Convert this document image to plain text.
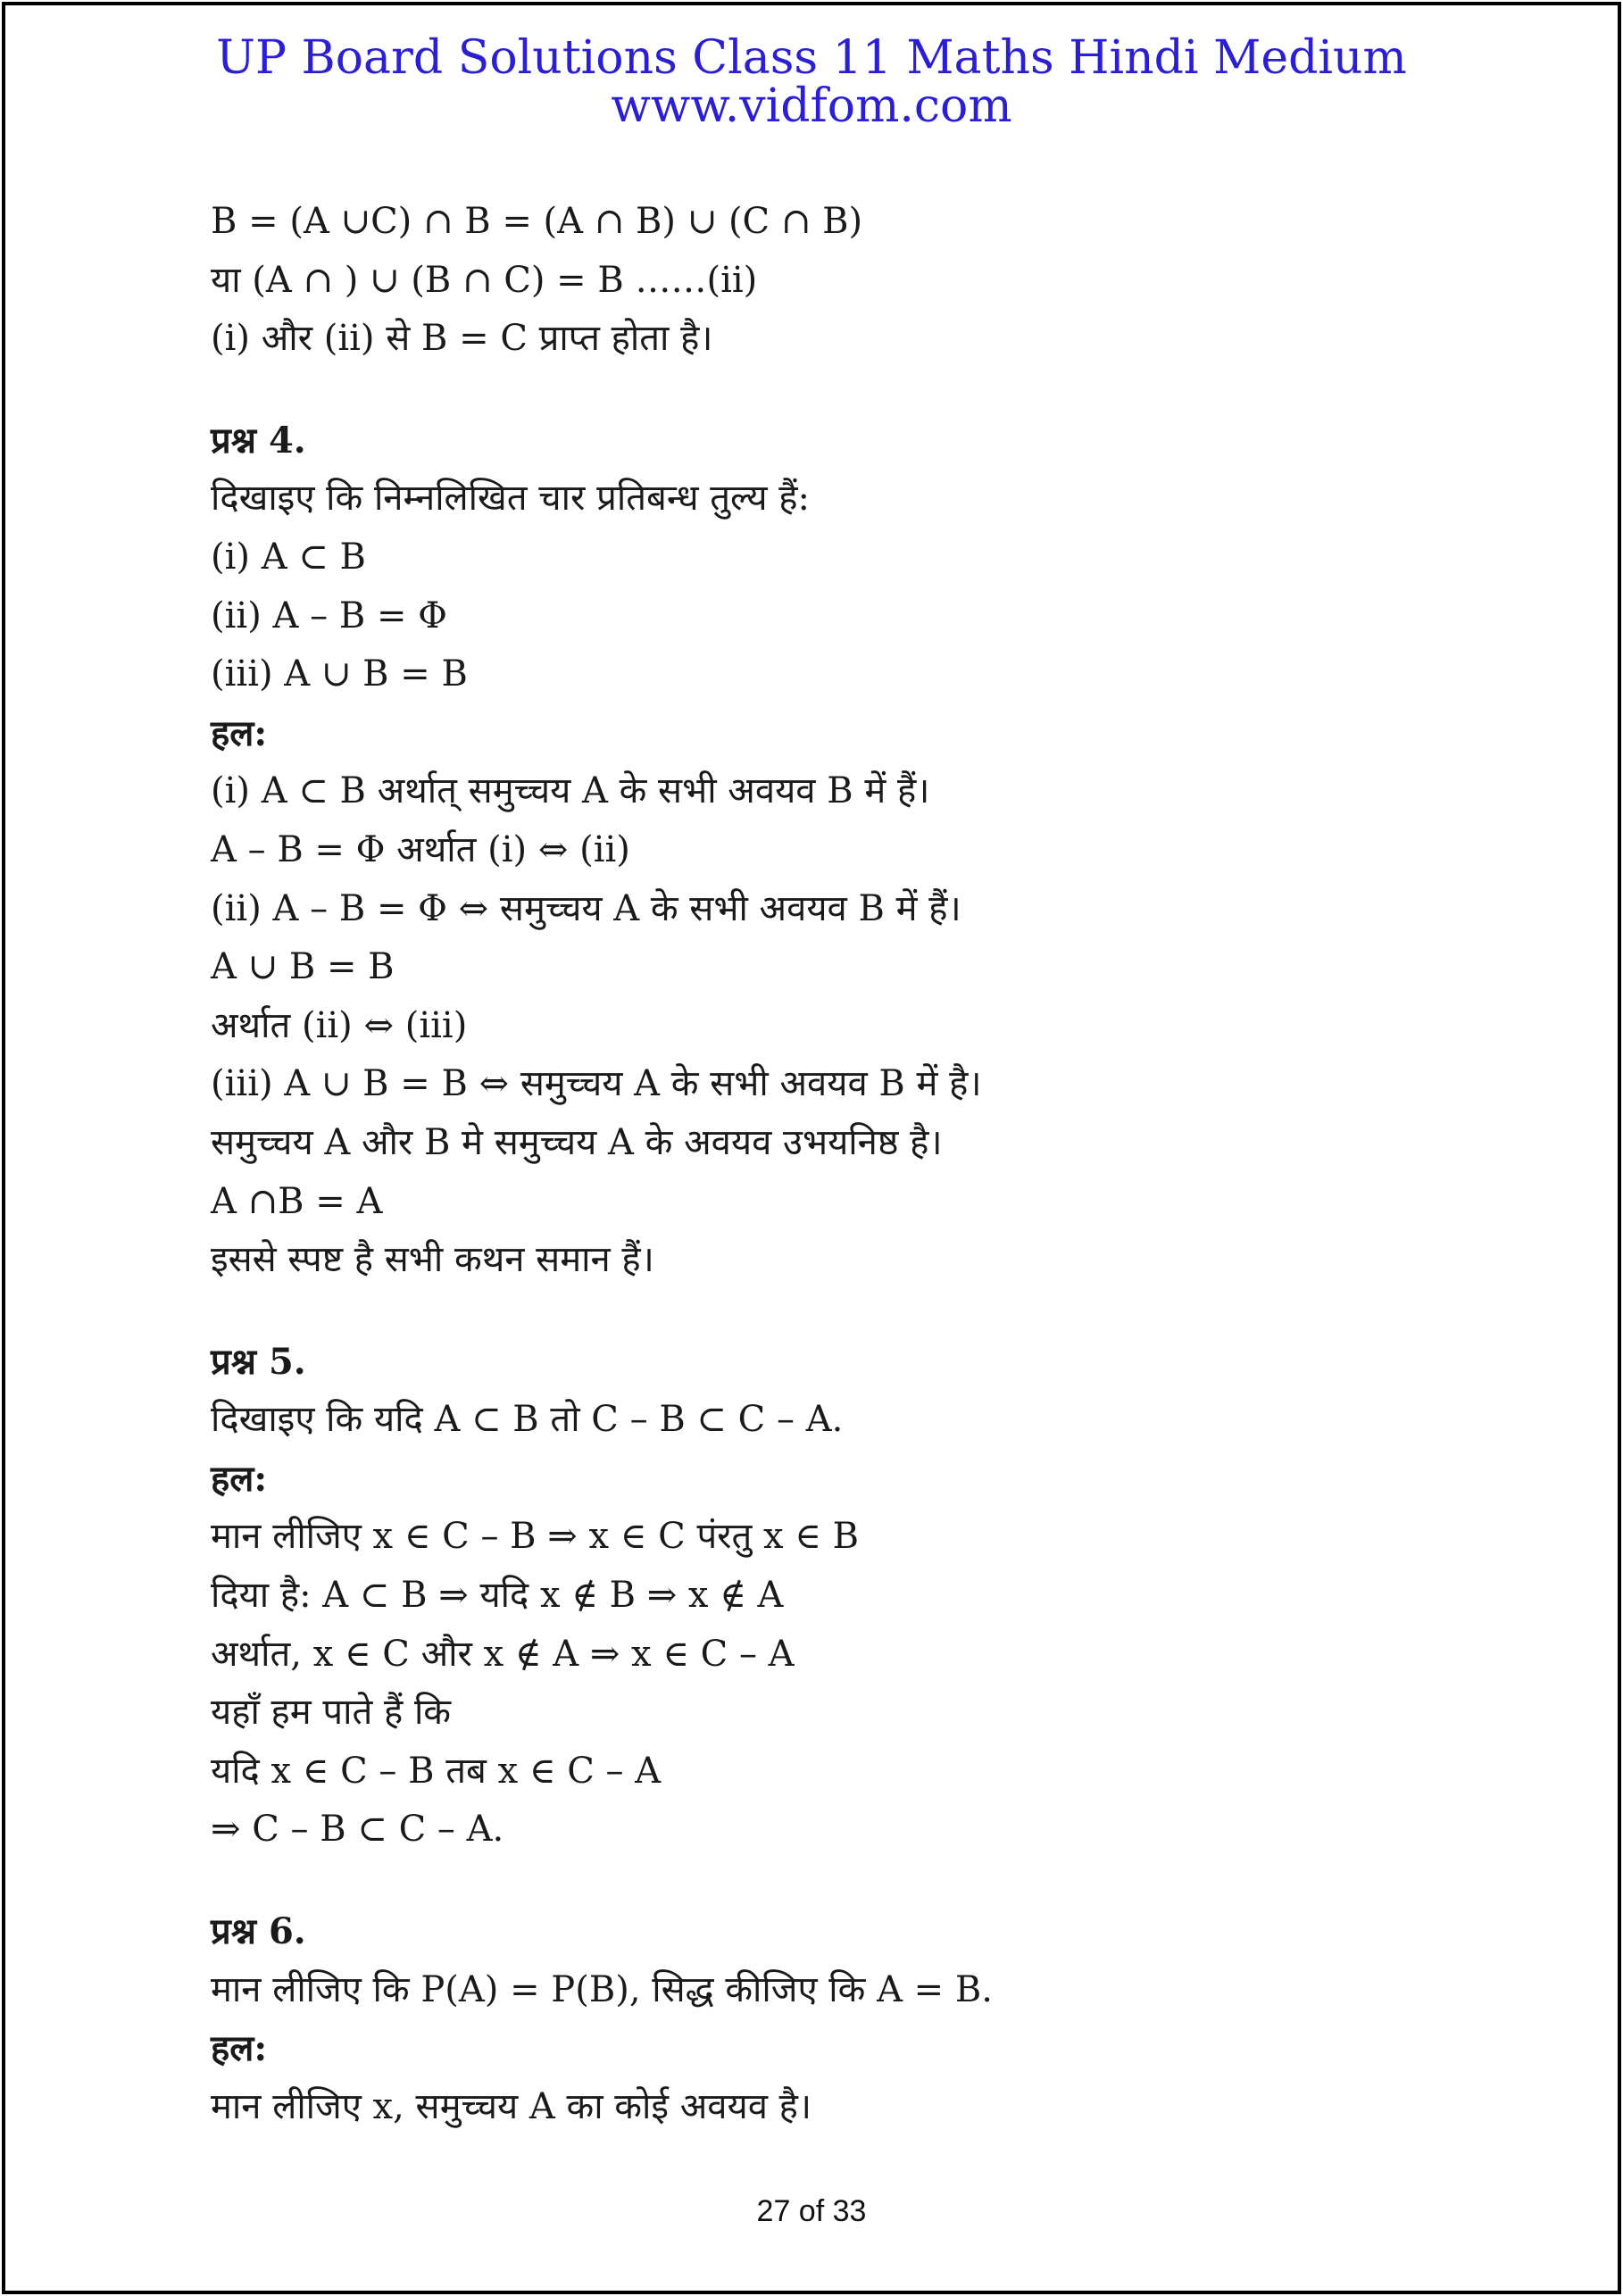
UP Board Solutions Class 11 Maths Hindi Medium
www.vidfom.com
B = (A ∪C) ∩ B = (A ∩ B) ∪ (C ∩ B)
या (A ∩ ) ∪ (B ∩ C) = B ……(ii)
(i) और (ii) से B = C प्राप्त होता है।
प्रश्न 4.
दिखाइए कि निम्नलिखित चार प्रतिबन्ध तुल्य हैं:
(i) A ⊂ B
(ii) A – B = Φ
(iii) A ∪ B = B
हल:
(i) A ⊂ B अर्थात् समुच्चय A के सभी अवयव B में हैं।
A – B = Φ अर्थात (i) ⇔ (ii)
(ii) A – B = Φ ⇔ समुच्चय A के सभी अवयव B में हैं।
A ∪ B = B
अर्थात (ii) ⇔ (iii)
(iii) A ∪ B = B ⇔ समुच्चय A के सभी अवयव B में है।
समुच्चय A और B मे समुच्चय A के अवयव उभयनिष्ठ है।
A ∩B = A
इससे स्पष्ट है सभी कथन समान हैं।
प्रश्न 5.
दिखाइए कि यदि A ⊂ B तो C – B ⊂ C – A.
हल:
मान लीजिए x ∈ C – B ⇒ x ∈ C पंरतु x ∈ B
दिया है: A ⊂ B ⇒ यदि x ∉ B ⇒ x ∉ A
अर्थात, x ∈ C और x ∉ A ⇒ x ∈ C – A
यहाँ हम पाते हैं कि
यदि x ∈ C – B तब x ∈ C – A
⇒ C – B ⊂ C – A.
प्रश्न 6.
मान लीजिए कि P(A) = P(B), सिद्ध कीजिए कि A = B.
हल:
मान लीजिए x, समुच्चय A का कोई अवयव है।
27 of 33
